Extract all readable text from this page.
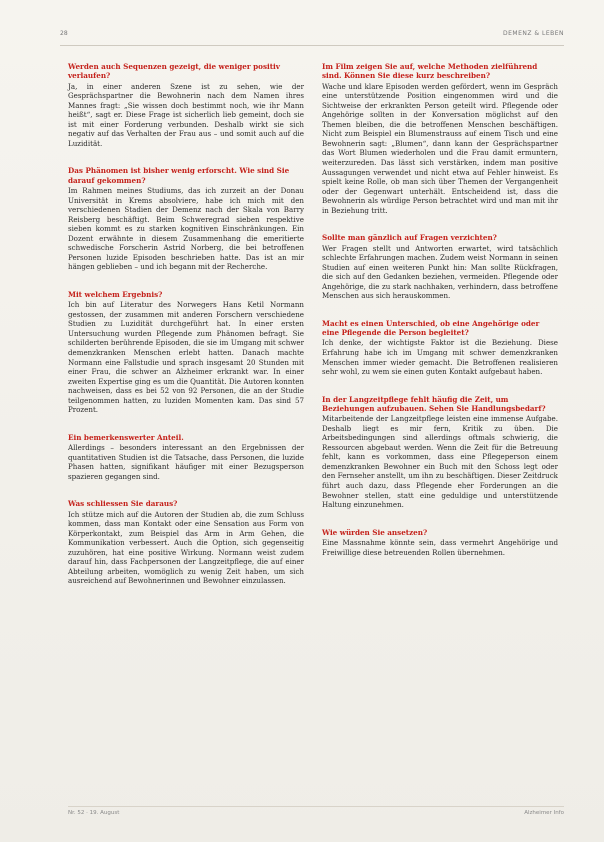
28	DEMENZ & LEBEN

Werden auch Sequenzen gezeigt, die weniger positiv verlaufen?

Ja, in einer anderen Szene ist zu sehen, wie der Gesprächspartner die Bewohnerin nach dem Namen ihres Mannes fragt: „Sie wissen doch bestimmt noch, wie ihr Mann heißt“, sagt er. Diese Frage ist sicherlich lieb gemeint, doch sie ist mit einer Forderung verbunden. Deshalb wirkt sie sich negativ auf das Verhalten der Frau aus – und somit auch auf die Luzidität.

Das Phänomen ist bisher wenig erforscht. Wie sind Sie darauf gekommen?

Im Rahmen meines Studiums, das ich zurzeit an der Donau Universität in Krems absolviere, habe ich mich mit den verschiedenen Stadien der Demenz nach der Skala von Barry Reisberg beschäftigt. Beim Schweregrad sieben respektive sieben kommt es zu starken kognitiven Einschränkungen. Ein Dozent erwähnte in diesem Zusammenhang die emeritierte schwedische Forscherin Astrid Norberg, die bei betroffenen Personen luzide Episoden beschrieben hatte. Das ist an mir hängen geblieben – und ich begann mit der Recherche.

Mit welchem Ergebnis?

Ich bin auf Literatur des Norwegers Hans Ketil Normann gestossen, der zusammen mit anderen Forschern verschiedene Studien zu Luzidität durchgeführt hat. In einer ersten Untersuchung wurden Pflegende zum Phänomen befragt. Sie schilderten berührende Episoden, die sie im Umgang mit schwer demenzkranken Menschen erlebt hatten. Danach machte Normann eine Fallstudie und sprach insgesamt 20 Stunden mit einer Frau, die schwer an Alzheimer erkrankt war. In einer zweiten Expertise ging es um die Quantität. Die Autoren konnten nachweisen, dass es bei 52 von 92 Personen, die an der Studie teilgenommen hatten, zu luziden Momenten kam. Das sind 57 Prozent.

Ein bemerkenswerter Anteil.

Allerdings – besonders interessant an den Ergebnissen der quantitativen Studien ist die Tatsache, dass Personen, die luzide Phasen hatten, signifikant häufiger mit einer Bezugsperson spazieren gegangen sind.

Was schliessen Sie daraus?

Ich stütze mich auf die Autoren der Studien ab, die zum Schluss kommen, dass man Kontakt oder eine Sensation aus Form von Körperkontakt, zum Beispiel das Arm in Arm Gehen, die Kommunikation verbessert. Auch die Option, sich gegenseitig zuzuhören, hat eine positive Wirkung. Normann weist zudem darauf hin, dass Fachpersonen der Langzeitpflege, die auf einer Abteilung arbeiten, womöglich zu wenig Zeit haben, um sich ausreichend auf Bewohnerinnen und Bewohner einzulassen.

Im Film zeigen Sie auf, welche Methoden zielführend sind. Können Sie diese kurz beschreiben?

Wache und klare Episoden werden gefördert, wenn im Gespräch eine unterstützende Position eingenommen wird und die Sichtweise der erkrankten Person geteilt wird. Pflegende oder Angehörige sollten in der Konversation möglichst auf den Themen bleiben, die die betroffenen Menschen beschäftigen. Nicht zum Beispiel ein Blumenstrauss auf einem Tisch und eine Bewohnerin sagt: „Blumen“, dann kann der Gesprächspartner das Wort Blumen wiederholen und die Frau damit ermuntern, weiterzureden. Das lässt sich verstärken, indem man positive Aussagungen verwendet und nicht etwa auf Fehler hinweist. Es spielt keine Rolle, ob man sich über Themen der Vergangenheit oder der Gegenwart unterhält. Entscheidend ist, dass die Bewohnerin als würdige Person betrachtet wird und man mit ihr in Beziehung tritt.

Sollte man gänzlich auf Fragen verzichten?

Wer Fragen stellt und Antworten erwartet, wird tatsächlich schlechte Erfahrungen machen. Zudem weist Normann in seinen Studien auf einen weiteren Punkt hin: Man sollte Rückfragen, die sich auf den Gedanken beziehen, vermeiden. Pflegende oder Angehörige, die zu stark nachhaken, verhindern, dass betroffene Menschen aus sich herauskommen.

Macht es einen Unterschied, ob eine Angehörige oder eine Pflegende die Person begleitet?

Ich denke, der wichtigste Faktor ist die Beziehung. Diese Erfahrung habe ich im Umgang mit schwer demenzkranken Menschen immer wieder gemacht. Die Betroffenen realisieren sehr wohl, zu wem sie einen guten Kontakt aufgebaut haben.

In der Langzeitpflege fehlt häufig die Zeit, um Beziehungen aufzubauen. Sehen Sie Handlungsbedarf?

Mitarbeitende der Langzeitpflege leisten eine immense Aufgabe. Deshalb liegt es mir fern, Kritik zu üben. Die Arbeitsbedingungen sind allerdings oftmals schwierig, die Ressourcen abgebaut werden. Wenn die Zeit für die Betreuung fehlt, kann es vorkommen, dass eine Pflegeperson einem demenzkranken Bewohner ein Buch mit den Schoss legt oder den Fernseher anstellt, um ihn zu beschäftigen. Dieser Zeitdruck führt auch dazu, dass Pflegende eher Forderungen an die Bewohner stellen, statt eine geduldige und unterstützende Haltung einzunehmen.

Wie würden Sie ansetzen?

Eine Massnahme könnte sein, dass vermehrt Angehörige und Freiwillige diese betreuenden Rollen übernehmen.

Nr. 52 · 19. August	Alzheimer Info
